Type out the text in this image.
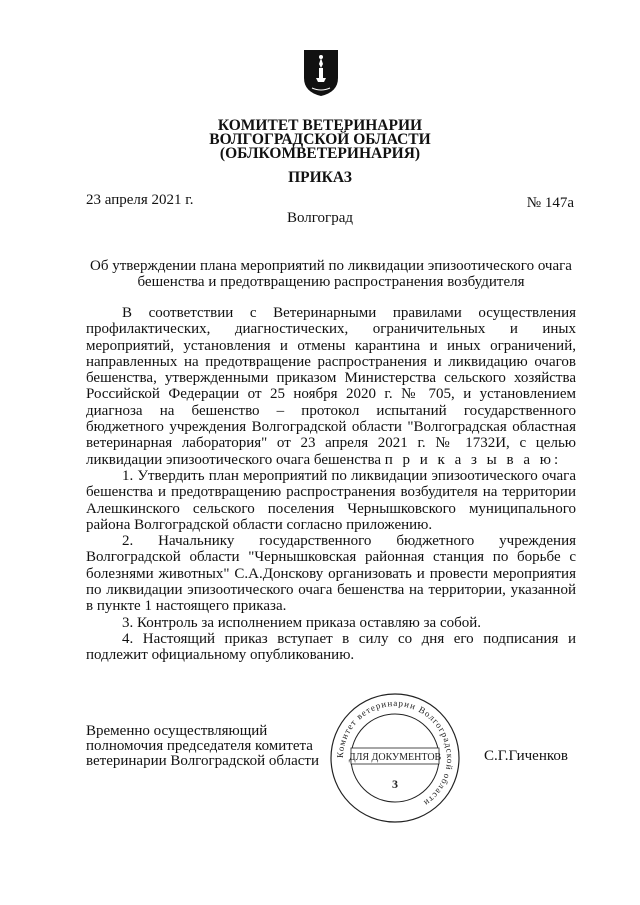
КОМИТЕТ ВЕТЕРИНАРИИ
ВОЛГОГРАДСКОЙ ОБЛАСТИ
(ОБЛКОМВЕТЕРИНАРИЯ)
ПРИКАЗ
23 апреля 2021 г.	№ 147а
Волгоград
Об утверждении плана мероприятий по ликвидации эпизоотического очага
бешенства и предотвращению распространения возбудителя

В соответствии с Ветеринарными правилами осуществления профилактических, диагностических, ограничительных и иных мероприятий, установления и отмены карантина и иных ограничений, направленных на предотвращение распространения и ликвидацию очагов бешенства, утвержденными приказом Министерства сельского хозяйства Российской Федерации от 25 ноября 2020 г. № 705, и установлением диагноза на бешенство – протокол испытаний государственного бюджетного учреждения Волгоградской области "Волгоградская областная ветеринарная лаборатория" от 23 апреля 2021 г. № 1732И, с целью ликвидации эпизоотического очага бешенства п р и к а з ы в а ю:

1. Утвердить план мероприятий по ликвидации эпизоотического очага бешенства и предотвращению распространения возбудителя на территории Алешкинского сельского поселения Чернышковского муниципального района Волгоградской области согласно приложению.

2. Начальнику государственного бюджетного учреждения Волгоградской области "Чернышковская районная станция по борьбе с болезнями животных" С.А.Донскову организовать и провести мероприятия по ликвидации эпизоотического очага бешенства на территории, указанной в пункте 1 настоящего приказа.

3. Контроль за исполнением приказа оставляю за собой.

4. Настоящий приказ вступает в силу со дня его подписания и подлежит официальному опубликованию.

Временно осуществляющий
полномочия председателя комитета
ветеринарии Волгоградской области	Комитет ветеринарии Волгоградской области
ДЛЯ ДОКУМЕНТОВ
3
С.Г.Гиченков
